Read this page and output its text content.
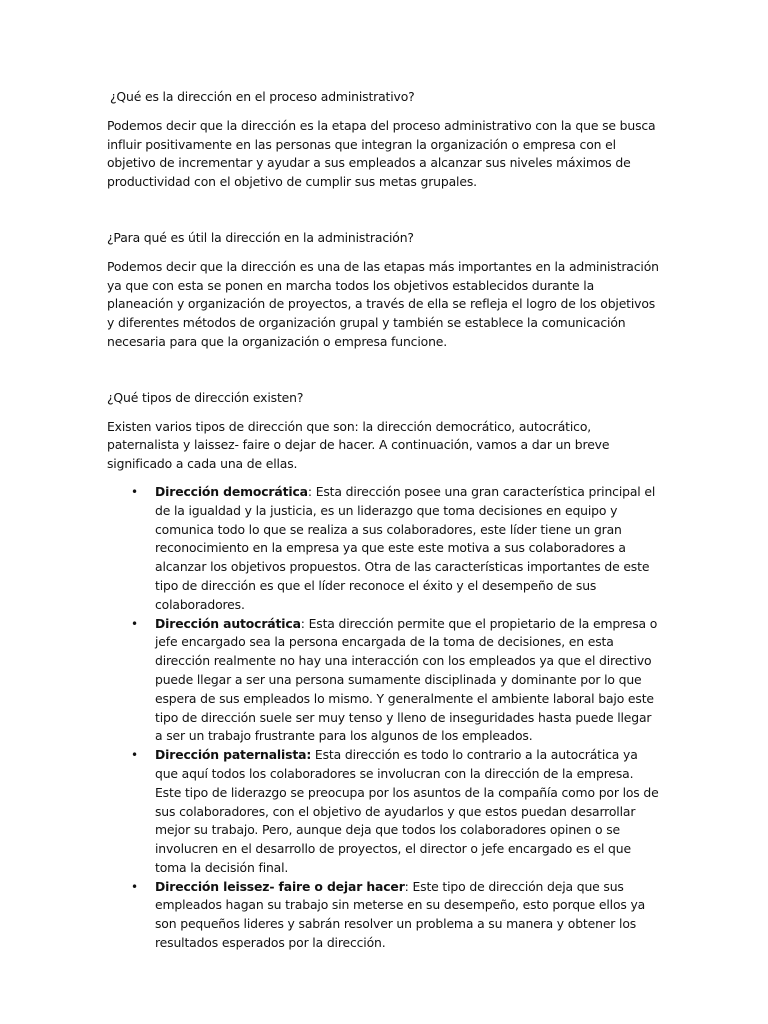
¿Qué es la dirección en el proceso administrativo?

Podemos decir que la dirección es la etapa del proceso administrativo con la que se busca influir positivamente en las personas que integran la organización o empresa con el objetivo de incrementar y ayudar a sus empleados a alcanzar sus niveles máximos de productividad con el objetivo de cumplir sus metas grupales.

¿Para qué es útil la dirección en la administración?

Podemos decir que la dirección es una de las etapas más importantes en la administración ya que con esta se ponen en marcha todos los objetivos establecidos durante la planeación y organización de proyectos, a través de ella se refleja el logro de los objetivos y diferentes métodos de organización grupal y también se establece la comunicación necesaria para que la organización o empresa funcione.

¿Qué tipos de dirección existen?

Existen varios tipos de dirección que son: la dirección democrático, autocrático, paternalista y laissez- faire o dejar de hacer. A continuación, vamos a dar un breve significado a cada una de ellas.

• Dirección democrática: Esta dirección posee una gran característica principal el de la igualdad y la justicia, es un liderazgo que toma decisiones en equipo y comunica todo lo que se realiza a sus colaboradores, este líder tiene un gran reconocimiento en la empresa ya que este este motiva a sus colaboradores a alcanzar los objetivos propuestos. Otra de las características importantes de este tipo de dirección es que el líder reconoce el éxito y el desempeño de sus colaboradores.
• Dirección autocrática: Esta dirección permite que el propietario de la empresa o jefe encargado sea la persona encargada de la toma de decisiones, en esta dirección realmente no hay una interacción con los empleados ya que el directivo puede llegar a ser una persona sumamente disciplinada y dominante por lo que espera de sus empleados lo mismo. Y generalmente el ambiente laboral bajo este tipo de dirección suele ser muy tenso y lleno de inseguridades hasta puede llegar a ser un trabajo frustrante para los algunos de los empleados.
• Dirección paternalista: Esta dirección es todo lo contrario a la autocrática ya que aquí todos los colaboradores se involucran con la dirección de la empresa. Este tipo de liderazgo se preocupa por los asuntos de la compañía como por los de sus colaboradores, con el objetivo de ayudarlos y que estos puedan desarrollar mejor su trabajo. Pero, aunque deja que todos los colaboradores opinen o se involucren en el desarrollo de proyectos, el director o jefe encargado es el que toma la decisión final.
• Dirección leissez- faire o dejar hacer: Este tipo de dirección deja que sus empleados hagan su trabajo sin meterse en su desempeño, esto porque ellos ya son pequeños lideres y sabrán resolver un problema a su manera y obtener los resultados esperados por la dirección.
